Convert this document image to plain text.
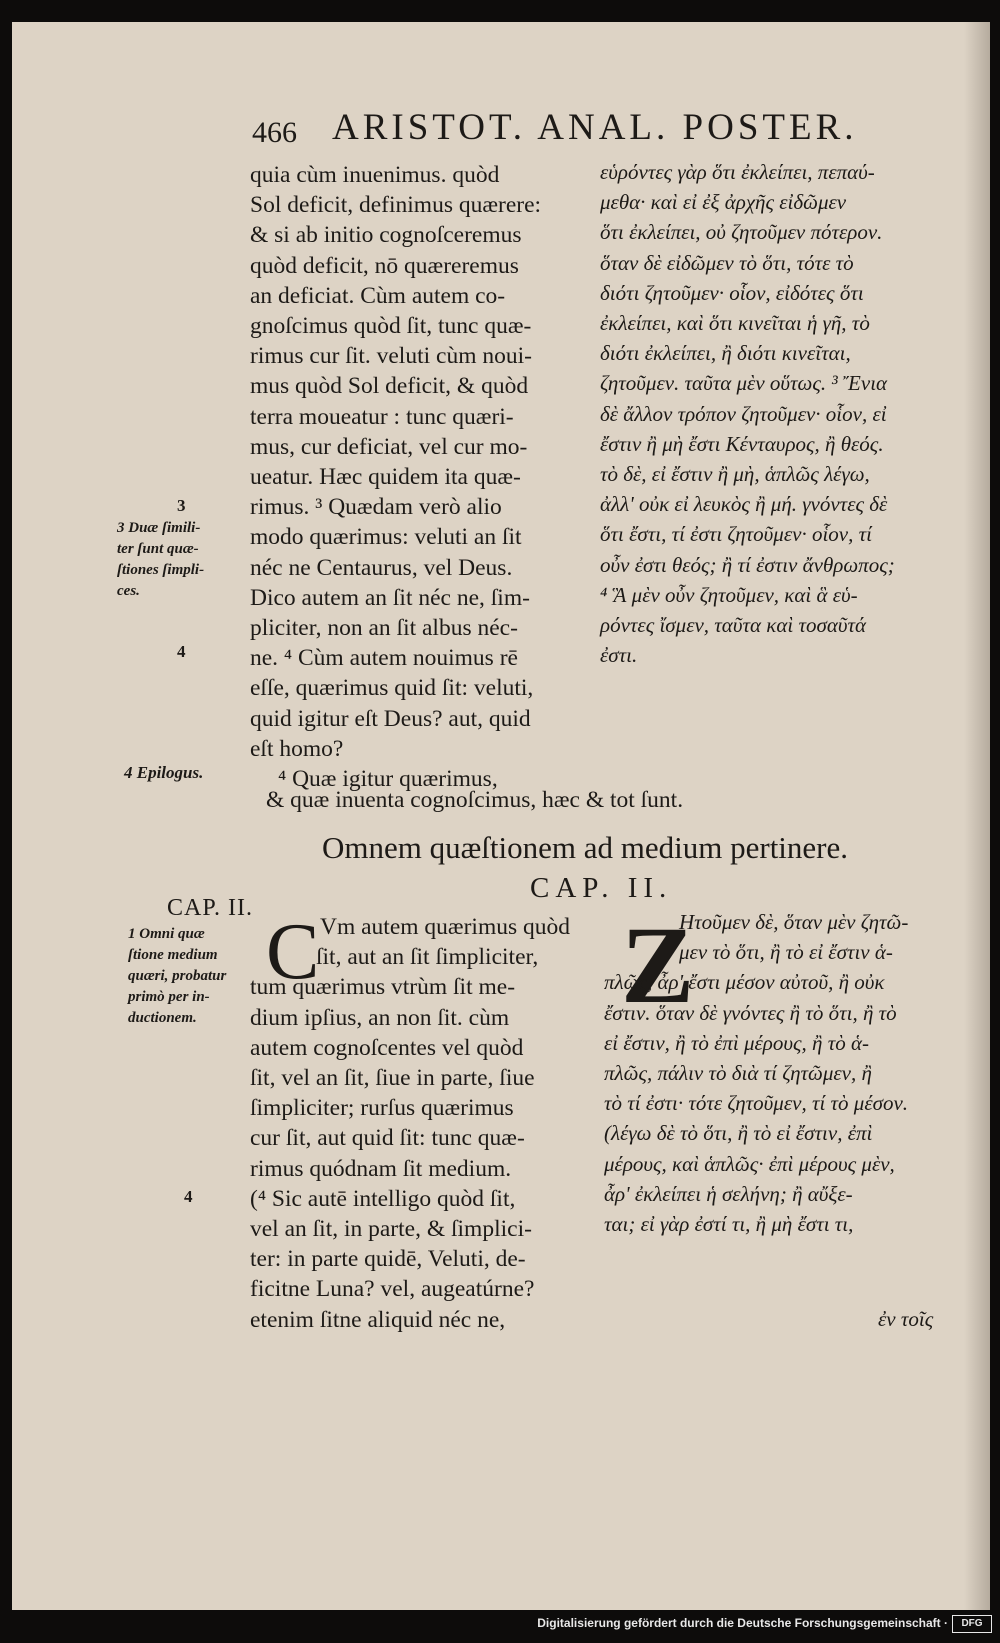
466 ARISTOT. ANAL. POSTER.
quia cùm inuenimus. quòd
Sol deficit, definimus quærere:
& si ab initio cognoſceremus
quòd deficit, nō quæreremus
an deficiat. Cùm autem co-
gnoſcimus quòd ſit, tunc quæ-
rimus cur ſit. veluti cùm noui-
mus quòd Sol deficit, & quòd
terra moueatur : tunc quæri-
mus, cur deficiat, vel cur mo-
ueatur. Hæc quidem ita quæ-
rimus. ³ Quædam verò alio
modo quærimus: veluti an ſit
néc ne Centaurus, vel Deus.
Dico autem an ſit néc ne, ſim-
pliciter, non an ſit albus néc-
ne. ⁴ Cùm autem nouimus rē
eſſe, quærimus quid ſit: veluti,
quid igitur eſt Deus? aut, quid
eſt homo?
⁴ Quæ igitur quærimus,
& quæ inuenta cognoſcimus, hæc & tot ſunt.
εὑρόντες γὰρ ὅτι ἐκλείπει, πεπαύ-
μεθα· καὶ εἰ ἐξ ἀρχῆς εἰδῶμεν
ὅτι ἐκλείπει, οὐ ζητοῦμεν πότερον.
ὅταν δὲ εἰδῶμεν τὸ ὅτι, τότε τὸ
διότι ζητοῦμεν· οἷον, εἰδότες ὅτι
ἐκλείπει, καὶ ὅτι κινεῖται ἡ γῆ, τὸ
διότι ἐκλείπει, ἢ διότι κινεῖται,
ζητοῦμεν. ταῦτα μὲν οὕτως. ³ Ἔνια
δὲ ἄλλον τρόπον ζητοῦμεν· οἷον, εἰ
ἔστιν ἢ μὴ ἔστι Κένταυρος, ἢ θεός.
τὸ δὲ, εἰ ἔστιν ἢ μὴ, ἁπλῶς λέγω,
ἀλλ' οὐκ εἰ λευκὸς ἢ μή. γνόντες δὲ
ὅτι ἔστι, τί ἐστι ζητοῦμεν· οἷον, τί
οὖν ἐστι θεός; ἢ τί ἐστιν ἄνθρωπος;
⁴ Ἃ μὲν οὖν ζητοῦμεν, καὶ ἃ εὑ-
ρόντες ἴσμεν, ταῦτα καὶ τοσαῦτά
ἐστι.
3
3 Duæ ſimili-
ter ſunt quæ-
ſtiones ſimpli-
ces.
4
4 Epilogus.
Omnem quæſtionem ad medium pertinere.
CAP. II.
CAP. II.
1 Omni quæ
ſtione medium
quæri, probatur
primò per in-
ductionem.
4
C Vm autem quærimus quòd
ſit, aut an ſit ſimpliciter,
tum quærimus vtrùm ſit me-
dium ipſius, an non ſit. cùm
autem cognoſcentes vel quòd
ſit, vel an ſit, ſiue in parte, ſiue
ſimpliciter; rurſus quærimus
cur ſit, aut quid ſit: tunc quæ-
rimus quódnam ſit medium.
(⁴ Sic autē intelligo quòd ſit,
vel an ſit, in parte, & ſimplici-
ter: in parte quidē, Veluti, de-
ficitne Luna? vel, augeatúrne?
etenim ſitne aliquid néc ne,
Z
Ητοῦμεν δὲ, ὅταν μὲν ζητῶ-
μεν τὸ ὅτι, ἢ τὸ εἰ ἔστιν ἁ-
πλῶς, ἆρ' ἔστι μέσον αὐτοῦ, ἢ οὐκ
ἔστιν. ὅταν δὲ γνόντες ἢ τὸ ὅτι, ἢ τὸ
εἰ ἔστιν, ἢ τὸ ἐπὶ μέρους, ἢ τὸ ἁ-
πλῶς, πάλιν τὸ διὰ τί ζητῶμεν, ἢ
τὸ τί ἐστι· τότε ζητοῦμεν, τί τὸ μέσον.
(λέγω δὲ τὸ ὅτι, ἢ τὸ εἰ ἔστιν, ἐπὶ
μέρους, καὶ ἁπλῶς· ἐπὶ μέρους μὲν,
ἆρ' ἐκλείπει ἡ σελήνη; ἢ αὔξε-
ται; εἰ γὰρ ἐστί τι, ἢ μὴ ἔστι τι,
ἐν τοῖς
Digitalisierung gefördert durch die Deutsche Forschungsgemeinschaft ·	DFG
